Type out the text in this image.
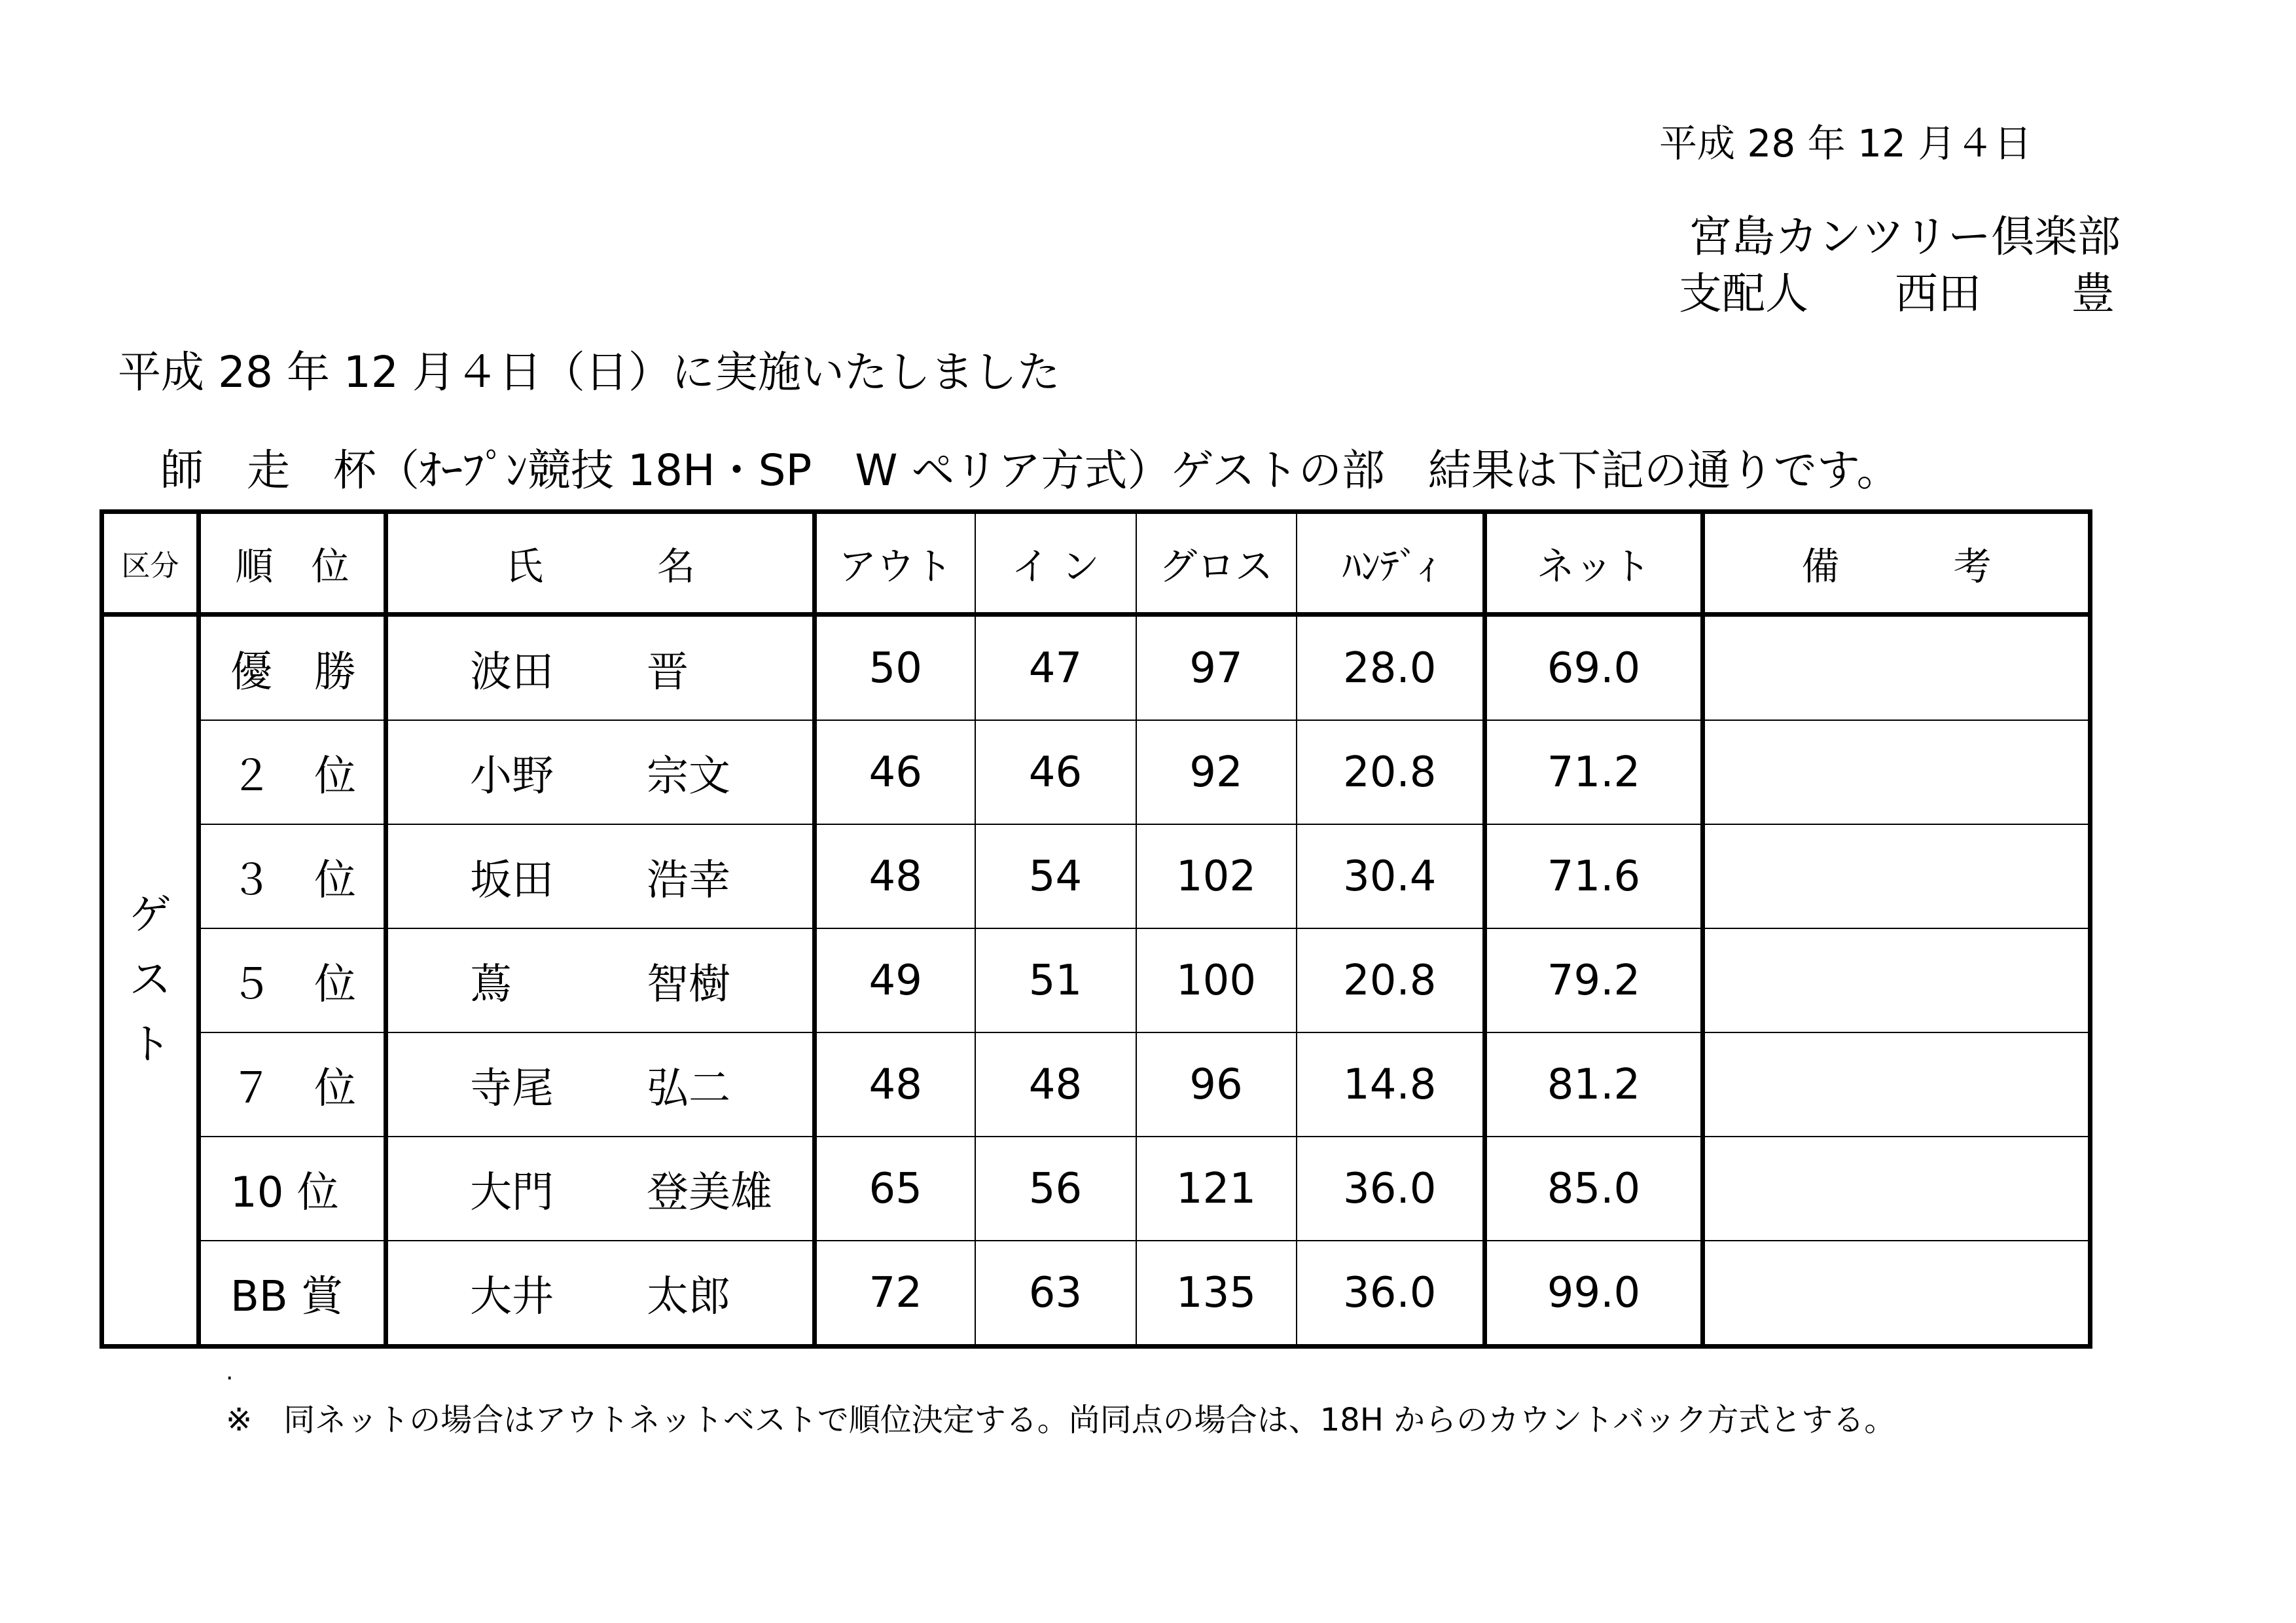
平成 28 年 12 月４日
宮島カンツリー倶楽部
支配人 西田 豊
平成 28 年 12 月４日（日）に実施いたしました
師　走　杯（ｵｰﾌﾟﾝ競技 18H・SP　W ペリア方式）ゲストの部　結果は下記の通りです。
区分	順　位	氏　　　名	アウト	イ ン	グロス	ﾊﾝﾃﾞｨ	ネット	備　　　考

ゲ
ス
ト	優　勝	波田 晋	50	47	97	28.0	69.0	
	２　位	小野 宗文	46	46	92	20.8	71.2	
	３　位	坂田 浩幸	48	54	102	30.4	71.6	
	５　位	蔦 智樹	49	51	100	20.8	79.2	
	７　位	寺尾 弘二	48	48	96	14.8	81.2	
	10 位	大門 登美雄	65	56	121	36.0	85.0	
	BB 賞	大井 太郎	72	63	135	36.0	99.0	
.
※　同ネットの場合はアウトネットベストで順位決定する。尚同点の場合は、18H からのカウントバック方式とする。
